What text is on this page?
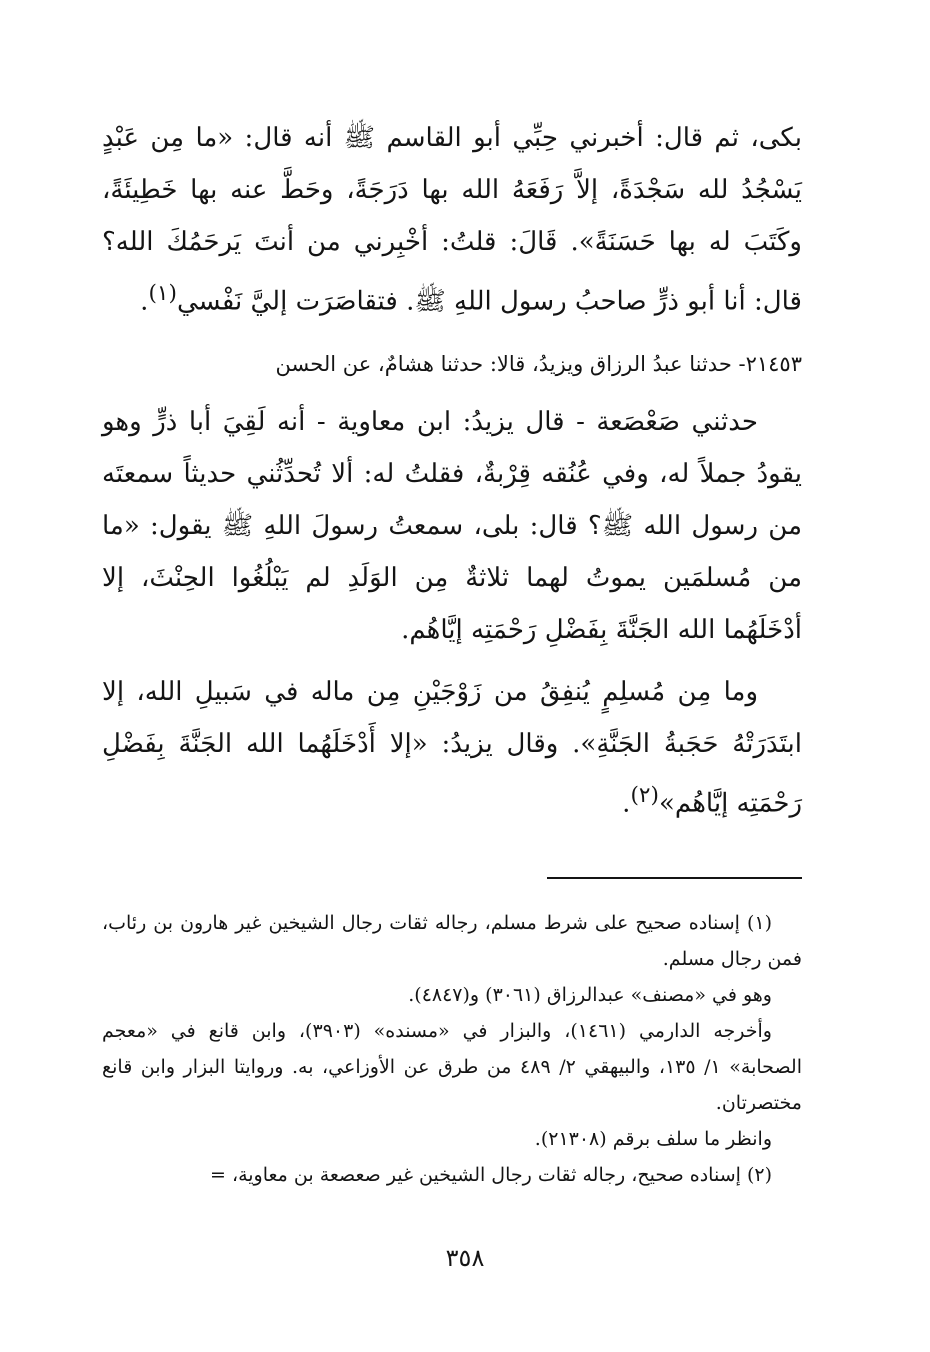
بكى، ثم قال: أخبرني حِبِّي أبو القاسم ﷺ أنه قال: «ما مِن عَبْدٍ يَسْجُدُ لله سَجْدَةً، إلاَّ رَفَعَهُ الله بها دَرَجَةً، وحَطَّ عنه بها خَطِيئَةً، وكَتَبَ له بها حَسَنَةً». قَالَ: قلتُ: أخْبِرني من أنتَ يَرحَمُكَ الله؟ قال: أنا أبو ذرٍّ صاحبُ رسول اللهِ ﷺ. فتقاصَرَت إليَّ نَفْسي$^{(١)}$.

٢١٤٥٣- حدثنا عبدُ الرزاق ويزيدُ، قالا: حدثنا هشامٌ، عن الحسن

حدثني صَعْصَعة - قال يزيدُ: ابن معاوية - أنه لَقِيَ أبا ذرٍّ وهو يقودُ جملاً له، وفي عُنُقه قِرْبةٌ، فقلتُ له: ألا تُحدِّثُني حديثاً سمعتَه من رسول الله ﷺ؟ قال: بلى، سمعتُ رسولَ اللهِ ﷺ يقول: «ما من مُسلمَين يموتُ لهما ثلاثةٌ مِن الوَلَدِ لم يَبْلُغُوا الحِنْثَ، إلا أدْخَلَهُما الله الجَنَّةَ بِفَضْلِ رَحْمَتِه إيَّاهُم.

وما مِن مُسلِمٍ يُنفِقُ من زَوْجَيْنِ مِن ماله في سَبيلِ الله، إلا ابتَدَرَتْهُ حَجَبةُ الجَنَّةِ». وقال يزيدُ: «إلا أَدْخَلَهُما الله الجَنَّةَ بِفَضْلِ رَحْمَتِه إيَّاهُم»$^{(٢)}$.

(١) إسناده صحيح على شرط مسلم، رجاله ثقات رجال الشيخين غير هارون بن رئاب، فمن رجال مسلم.

وهو في «مصنف» عبدالرزاق (٣٠٦١) و(٤٨٤٧).

وأخرجه الدارمي (١٤٦١)، والبزار في «مسنده» (٣٩٠٣)، وابن قانع في «معجم الصحابة» ١/ ١٣٥، والبيهقي ٢/ ٤٨٩ من طرق عن الأوزاعي، به. وروايتا البزار وابن قانع مختصرتان.

وانظر ما سلف برقم (٢١٣٠٨).

(٢) إسناده صحيح، رجاله ثقات رجال الشيخين غير صعصعة بن معاوية، =

٣٥٨
